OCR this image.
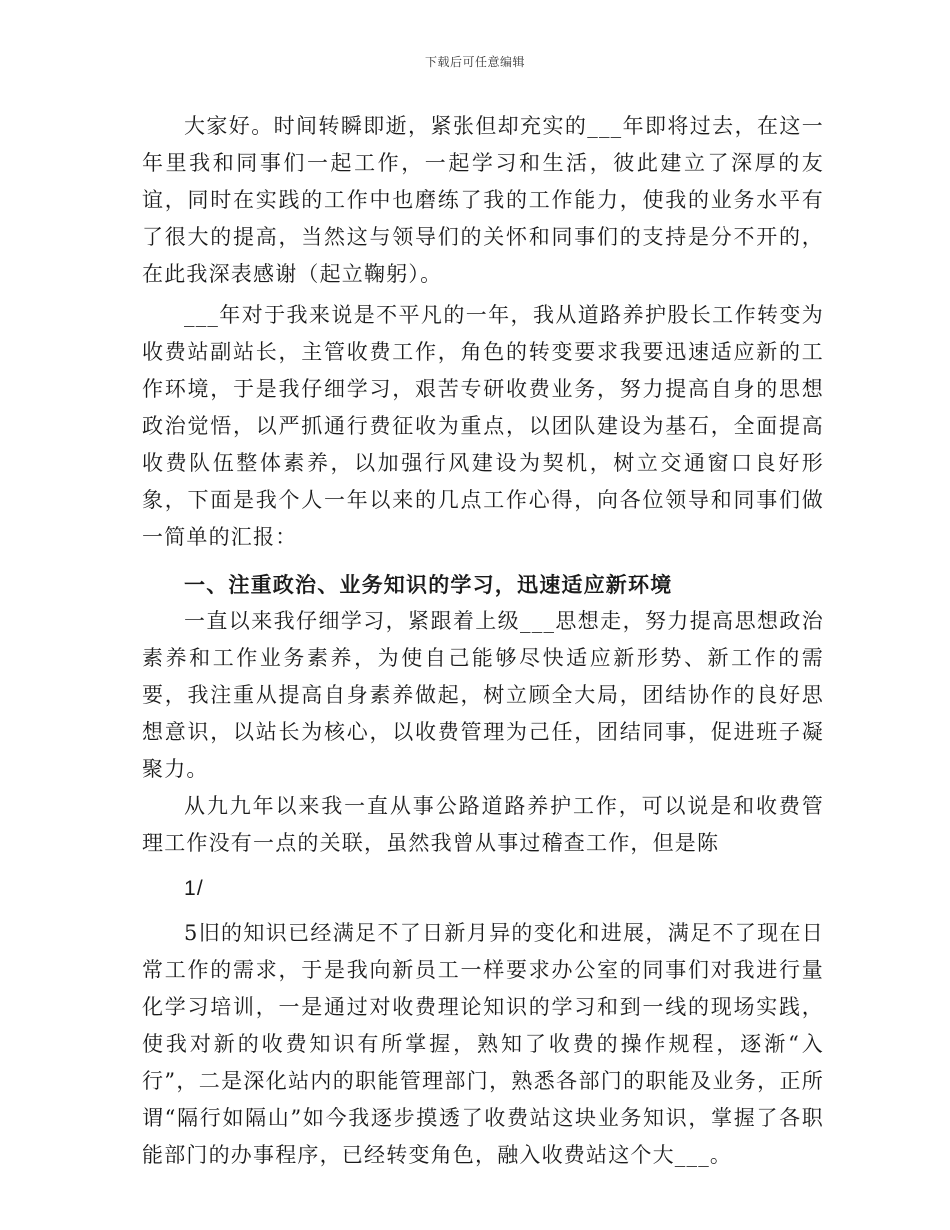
下载后可任意编辑

大家好。时间转瞬即逝，紧张但却充实的___年即将过去，在这一年里我和同事们一起工作，一起学习和生活，彼此建立了深厚的友谊，同时在实践的工作中也磨练了我的工作能力，使我的业务水平有了很大的提高，当然这与领导们的关怀和同事们的支持是分不开的，在此我深表感谢（起立鞠躬）。

___年对于我来说是不平凡的一年，我从道路养护股长工作转变为收费站副站长，主管收费工作，角色的转变要求我要迅速适应新的工作环境，于是我仔细学习，艰苦专研收费业务，努力提高自身的思想政治觉悟，以严抓通行费征收为重点，以团队建设为基石，全面提高收费队伍整体素养，以加强行风建设为契机，树立交通窗口良好形象，下面是我个人一年以来的几点工作心得，向各位领导和同事们做一简单的汇报：

一、注重政治、业务知识的学习，迅速适应新环境

一直以来我仔细学习，紧跟着上级___思想走，努力提高思想政治素养和工作业务素养，为使自己能够尽快适应新形势、新工作的需要，我注重从提高自身素养做起，树立顾全大局，团结协作的良好思想意识，以站长为核心，以收费管理为己任，团结同事，促进班子凝聚力。

从九九年以来我一直从事公路道路养护工作，可以说是和收费管理工作没有一点的关联，虽然我曾从事过稽查工作，但是陈

1/

5旧的知识已经满足不了日新月异的变化和进展，满足不了现在日常工作的需求，于是我向新员工一样要求办公室的同事们对我进行量化学习培训，一是通过对收费理论知识的学习和到一线的现场实践，使我对新的收费知识有所掌握，熟知了收费的操作规程，逐渐“入行”，二是深化站内的职能管理部门，熟悉各部门的职能及业务，正所谓“隔行如隔山”如今我逐步摸透了收费站这块业务知识，掌握了各职能部门的办事程序，已经转变角色，融入收费站这个大___。
